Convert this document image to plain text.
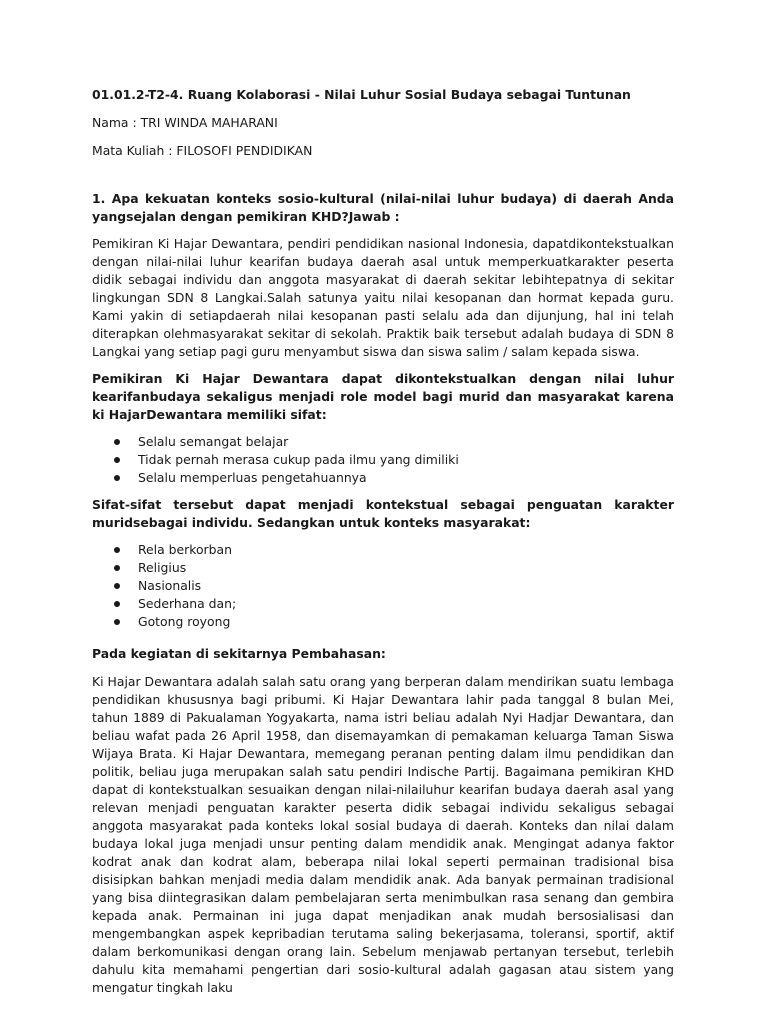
01.01.2-T2-4. Ruang Kolaborasi - Nilai Luhur Sosial Budaya sebagai Tuntunan

Nama : TRI WINDA MAHARANI

Mata Kuliah : FILOSOFI PENDIDIKAN

1. Apa kekuatan konteks sosio-kultural (nilai-nilai luhur budaya) di daerah Anda yangsejalan dengan pemikiran KHD?Jawab :

Pemikiran Ki Hajar Dewantara, pendiri pendidikan nasional Indonesia, dapatdikontekstualkan dengan nilai-nilai luhur kearifan budaya daerah asal untuk memperkuatkarakter peserta didik sebagai individu dan anggota masyarakat di daerah sekitar lebihtepatnya di sekitar lingkungan SDN 8 Langkai.Salah satunya yaitu nilai kesopanan dan hormat kepada guru. Kami yakin di setiapdaerah nilai kesopanan pasti selalu ada dan dijunjung, hal ini telah diterapkan olehmasyarakat sekitar di sekolah. Praktik baik tersebut adalah budaya di SDN 8 Langkai yang setiap pagi guru menyambut siswa dan siswa salim / salam kepada siswa.

Pemikiran Ki Hajar Dewantara dapat dikontekstualkan dengan nilai luhur kearifanbudaya sekaligus menjadi role model bagi murid dan masyarakat karena ki HajarDewantara memiliki sifat:

Selalu semangat belajar
Tidak pernah merasa cukup pada ilmu yang dimiliki
Selalu memperluas pengetahuannya

Sifat-sifat tersebut dapat menjadi kontekstual sebagai penguatan karakter muridsebagai individu. Sedangkan untuk konteks masyarakat:

Rela berkorban
Religius
Nasionalis
Sederhana dan;
Gotong royong

Pada kegiatan di sekitarnya Pembahasan:

Ki Hajar Dewantara adalah salah satu orang yang berperan dalam mendirikan suatu lembaga pendidikan khususnya bagi pribumi. Ki Hajar Dewantara lahir pada tanggal 8 bulan Mei, tahun 1889 di Pakualaman Yogyakarta, nama istri beliau adalah Nyi Hadjar Dewantara, dan beliau wafat pada 26 April 1958, dan disemayamkan di pemakaman keluarga Taman Siswa Wijaya Brata. Ki Hajar Dewantara, memegang peranan penting dalam ilmu pendidikan dan politik, beliau juga merupakan salah satu pendiri Indische Partij. Bagaimana pemikiran KHD dapat di kontekstualkan sesuaikan dengan nilai-nilailuhur kearifan budaya daerah asal yang relevan menjadi penguatan karakter peserta didik sebagai individu sekaligus sebagai anggota masyarakat pada konteks lokal sosial budaya di daerah. Konteks dan nilai dalam budaya lokal juga menjadi unsur penting dalam mendidik anak. Mengingat adanya faktor kodrat anak dan kodrat alam, beberapa nilai lokal seperti permainan tradisional bisa disisipkan bahkan menjadi media dalam mendidik anak. Ada banyak permainan tradisional yang bisa diintegrasikan dalam pembelajaran serta menimbulkan rasa senang dan gembira kepada anak. Permainan ini juga dapat menjadikan anak mudah bersosialisasi dan mengembangkan aspek kepribadian terutama saling bekerjasama, toleransi, sportif, aktif dalam berkomunikasi dengan orang lain. Sebelum menjawab pertanyan tersebut, terlebih dahulu kita memahami pengertian dari sosio-kultural adalah gagasan atau sistem yang mengatur tingkah laku
